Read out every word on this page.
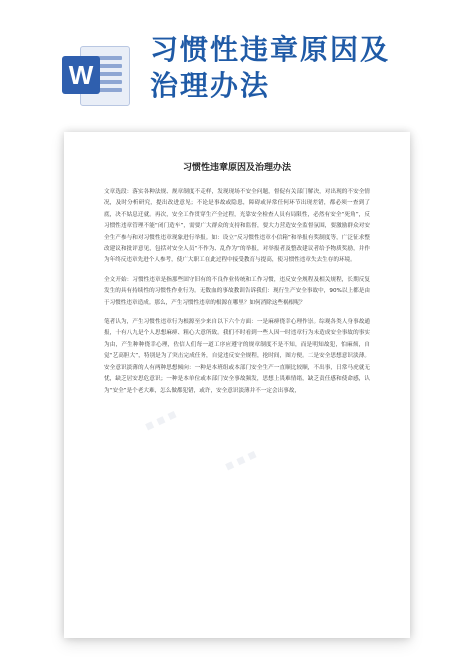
W
习惯性违章原因及
治理办法
习惯性违章原因及治理办法

文章选段：落实各种法规、规章制度不走样，发现现场不安全问题，督促有关部门解决，对出现的不安全情况，及时分析研究，提出改进意见；不论是事故或隐患，障碍或异常任何环节出现差错，都必须一查到了底，决不姑息迁就。再次，安全工作贯穿生产全过程，光靠安全检查人员有局限性，必然有安全“死角”，反习惯性违章管理不能“闭门造车”，需要广大群众的支持和监督，要大力营造安全监督氛围，要激励群众对安全生产参与和对习惯性违章现象进行举报。如：设立“反习惯性违章小信箱”和举报有奖制度等，广泛征求整改建议和批评意见，包括对安全人员“不作为、乱作为”的举报，对举报者及整改建议者给予物质奖励，并作为年终反违章先进个人参考，使广大职工在此过程中接受教育与提高，使习惯性违章失去生存的环境。

全文开始：习惯性违章是指那些固守旧有的不良作业传统和工作习惯，违反安全规程及相关规程，长期反复发生的具有持续性的习惯性作业行为。无数血的事故教训告诉我们：现行生产安全事故中，90%以上都是由于习惯性违章造成。那么，产生习惯性违章的根源在哪里？如何消除这些祸根呢？

笔者认为，产生习惯性违章行为根源至少来自以下六个方面：一是麻痹侥幸心理作崇。综观各类人身事故通报，十有八九是个人思想麻痹、粗心大意所致。我们不时看到一些人因一时违章行为未造成安全事故的事实为由，产生种种侥幸心理，佐信人们每一道工序应遵守的规章制度不是不知，而是明知故犯，怕麻烦，自觉“艺高胆大”，特别是为了突击完成任务，自觉违反安全规程，抢时间，图方便。二是安全思想意识淡薄。安全意识淡薄的人有两种思想倾向：一种是本班组或本部门安全生产一直顺比较顺，不出事，日常马虎就无忧，缺乏居安思危意识；一种是本单位或本部门安全事故频发，思想上畏难情绪，缺乏责任感和使命感，认为“安全”是个老大难，怎么做都犯错，或许，安全意识淡薄并不一定会出事故，

■ ■ ■
■ ■ ■
